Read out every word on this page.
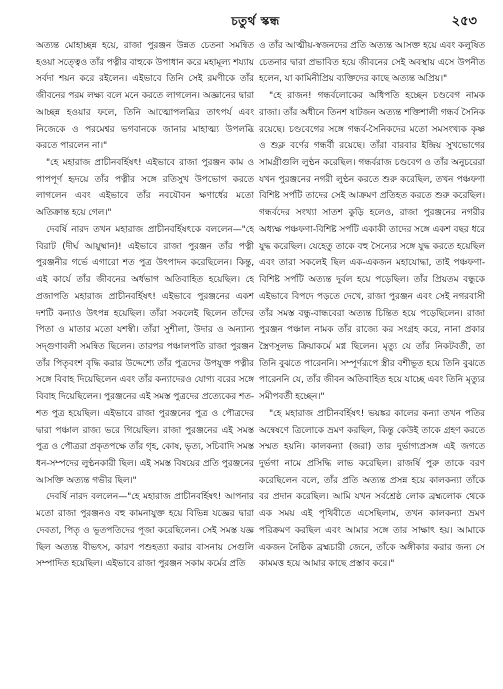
চতুর্থ স্কন্ধ	২৫৩

অত্যন্ত মোহাচ্ছন্ন হয়ে, রাজা পুরঞ্জন উন্নত চেতনা সমন্বিত হওয়া সত্ত্বেও তাঁর পত্নীর বাহুকে উপাধান করে মহামূল্য শয্যায় সর্বদা শয়ন করে রইলেন। এইভাবে তিনি সেই রমণীকে তাঁর জীবনের পরম লক্ষ্য বলে মনে করতে লাগলেন। অজ্ঞানের দ্বারা আচ্ছন্ন হওয়ার ফলে, তিনি আত্মোপলব্ধির তাৎপর্য এবং নিজেকে ও পরমেশ্বর ভগবানকে জানার মাহাত্ম্য উপলব্ধি করতে পারলেন না।"

"হে মহারাজ প্রাচীনবর্হিষৎ! এইভাবে রাজা পুরঞ্জন কাম ও পাপপূর্ণ হৃদয়ে তাঁর পত্নীর সঙ্গে রতিসুখ উপভোগ করতে লাগলেন এবং এইভাবে তাঁর নবযৌবন ক্ষণার্ধের মতো অতিক্রান্ত হয়ে গেল।"

দেবর্ষি নারদ তখন মহারাজ প্রাচীনবর্হিষৎকে বললেন—"হে বিরাট (দীর্ঘ আয়ুষ্মান)! এইভাবে রাজা পুরঞ্জন তাঁর পত্নী পুরঞ্জনীর গর্ভে এগারো শত পুত্র উৎপাদন করেছিলেন। কিন্তু, এই কার্যে তাঁর জীবনের অর্ধভাগ অতিবাহিত হয়েছিল। হে প্রজাপতি মহারাজ প্রাচীনবর্হিষৎ! এইভাবে পুরঞ্জনের একশ দশটি কন্যাও উৎপন্ন হয়েছিল। তাঁরা সকলেই ছিলেন তাঁদের পিতা ও মাতার মতো যশস্বী। তাঁরা সুশীলা, উদার ও অন্যান্য সদ্গুণাবলী সমন্বিত ছিলেন। তারপর পঞ্চালপতি রাজা পুরঞ্জন তাঁর পিতৃবংশ বৃদ্ধি করার উদ্দেশ্যে তাঁর পুত্রদের উপযুক্ত পত্নীর সঙ্গে বিবাহ দিয়েছিলেন এবং তাঁর কন্যাদেরও যোগ্য বরের সঙ্গে বিবাহ দিয়েছিলেন। পুরঞ্জনের এই সমস্ত পুত্রদের প্রত্যেকের শত-শত পুত্র হয়েছিল। এইভাবে রাজা পুরঞ্জনের পুত্র ও পৌত্রদের দ্বারা পঞ্চাল রাজ্য ভরে গিয়েছিল। রাজা পুরঞ্জনের এই সমস্ত পুত্র ও পৌত্ররা প্রকৃতপক্ষে তাঁর গৃহ, কোষ, ভৃত্য, সচিবাদি সমস্ত ধন-সম্পদের লুণ্ঠনকারী ছিল। এই সমস্ত বিষয়ের প্রতি পুরঞ্জনের আসক্তি অত্যন্ত গভীর ছিল।"

দেবর্ষি নারদ বললেন—"হে মহারাজ প্রাচীনবর্হিষৎ! আপনার মতো রাজা পুরঞ্জনও বহু কামনাযুক্ত হয়ে বিভিন্ন যজ্ঞের দ্বারা দেবতা, পিতৃ ও ভূতপতিদের পূজা করেছিলেন। সেই সমস্ত যজ্ঞ ছিল অত্যন্ত বীভৎস, কারণ পশুহত্যা করার বাসনায় সেগুলি সম্পাদিত হয়েছিল। এইভাবে রাজা পুরঞ্জন সকাম কর্মের প্রতি

ও তাঁর আত্মীয়-স্বজনদের প্রতি অত্যন্ত আসক্ত হয়ে এবং কলুষিত চেতনার দ্বারা প্রভাবিত হয়ে জীবনের সেই অবস্থায় এসে উপনীত হলেন, যা কামিনীপ্রিয় ব্যক্তিদের কাছে অত্যন্ত অপ্রিয়।"

"হে রাজন! গন্ধর্বলোকের অধিপতি হচ্ছেন চণ্ডবেগ নামক রাজা। তাঁর অধীনে তিনশ ষাটজন অত্যন্ত শক্তিশালী গন্ধর্ব সৈনিক রয়েছে। চণ্ডবেগের সঙ্গে গন্ধর্ব-সৈনিকদের মতো সমসংখ্যক কৃষ্ণ ও শুক্ল বর্ণের গন্ধর্বী রয়েছে। তাঁরা বারবার ইন্দ্রিয় সুখভোগের সামগ্রীগুলি লুণ্ঠন করেছিল। গন্ধর্বরাজ চণ্ডবেগ ও তাঁর অনুচরেরা যখন পুরঞ্জনের নগরী লুণ্ঠন করতে শুরু করেছিল, তখন পঞ্চফণা বিশিষ্ট সর্পটি তাদের সেই আক্রমণ প্রতিহত করতে শুরু করেছিল। গন্ধর্বদের সংখ্যা সাতশ কুড়ি হলেও, রাজা পুরঞ্জনের নগরীর অধ্যক্ষ পঞ্চফণা-বিশিষ্ট সর্পটি একাকী তাদের সঙ্গে একশ বছর ধরে যুদ্ধ করেছিল। যেহেতু তাকে বহু সৈন্যের সঙ্গে যুদ্ধ করতে হয়েছিল এবং তারা সকলেই ছিল এক-একজন মহাযোদ্ধা, তাই পঞ্চফণা-বিশিষ্ট সর্পটি অত্যন্ত দুর্বল হয়ে পড়েছিল। তাঁর প্রিয়তম বন্ধুকে এইভাবে বিপদে পড়তে দেখে, রাজা পুরঞ্জন এবং সেই নগরবাসী তাঁর সমস্ত বন্ধু-বান্ধবেরা অত্যন্ত চিন্তিত হয়ে পড়েছিলেন। রাজা পুরঞ্জন পঞ্চাল নামক তাঁর রাজ্যে কর সংগ্রহ করে, নানা প্রকার স্ত্রৈণসুলভ ক্রিয়াকর্মে মগ্ন ছিলেন। মৃত্যু যে তাঁর নিকটবর্তী, তা তিনি বুঝতে পারেননি। সম্পূর্ণরূপে স্ত্রীর বশীভূত হয়ে তিনি বুঝতে পারেননি যে, তাঁর জীবন অতিবাহিত হয়ে যাচ্ছে এবং তিনি মৃত্যুর সমীপবর্তী হচ্ছেন।"

"হে মহারাজ প্রাচীনবর্হিষৎ! ভয়ঙ্কর কালের কন্যা তখন পতির অন্বেষণে ত্রিলোকে ভ্রমণ করছিল, কিন্তু কেউই তাকে গ্রহণ করতে সম্মত হয়নি। কালকন্যা (জরা) তার দুর্ভাগ্যপ্রসঙ্গ এই জগতে দুর্ভগা নামে প্রসিদ্ধি লাভ করেছিল। রাজর্ষি পুরু তাকে বরণ করেছিলেন বলে, তাঁর প্রতি অত্যন্ত প্রসন্ন হয়ে কালকন্যা তাঁকে বর প্রদান করেছিল। আমি যখন সর্বশ্রেষ্ঠ লোক ব্রহ্মলোক থেকে এক সময় এই পৃথিবীতে এসেছিলাম, তখন কালকন্যা ভ্রমণ পরিক্রমণ করছিল এবং আমার সঙ্গে তার সাক্ষাৎ হয়। আমাকে একজন নৈষ্ঠিক ব্রহ্মচারী জেনে, তাঁকে অঙ্গীকার করার জন্য সে কামমত্ত হয়ে আমার কাছে প্রস্তাব করে।"
